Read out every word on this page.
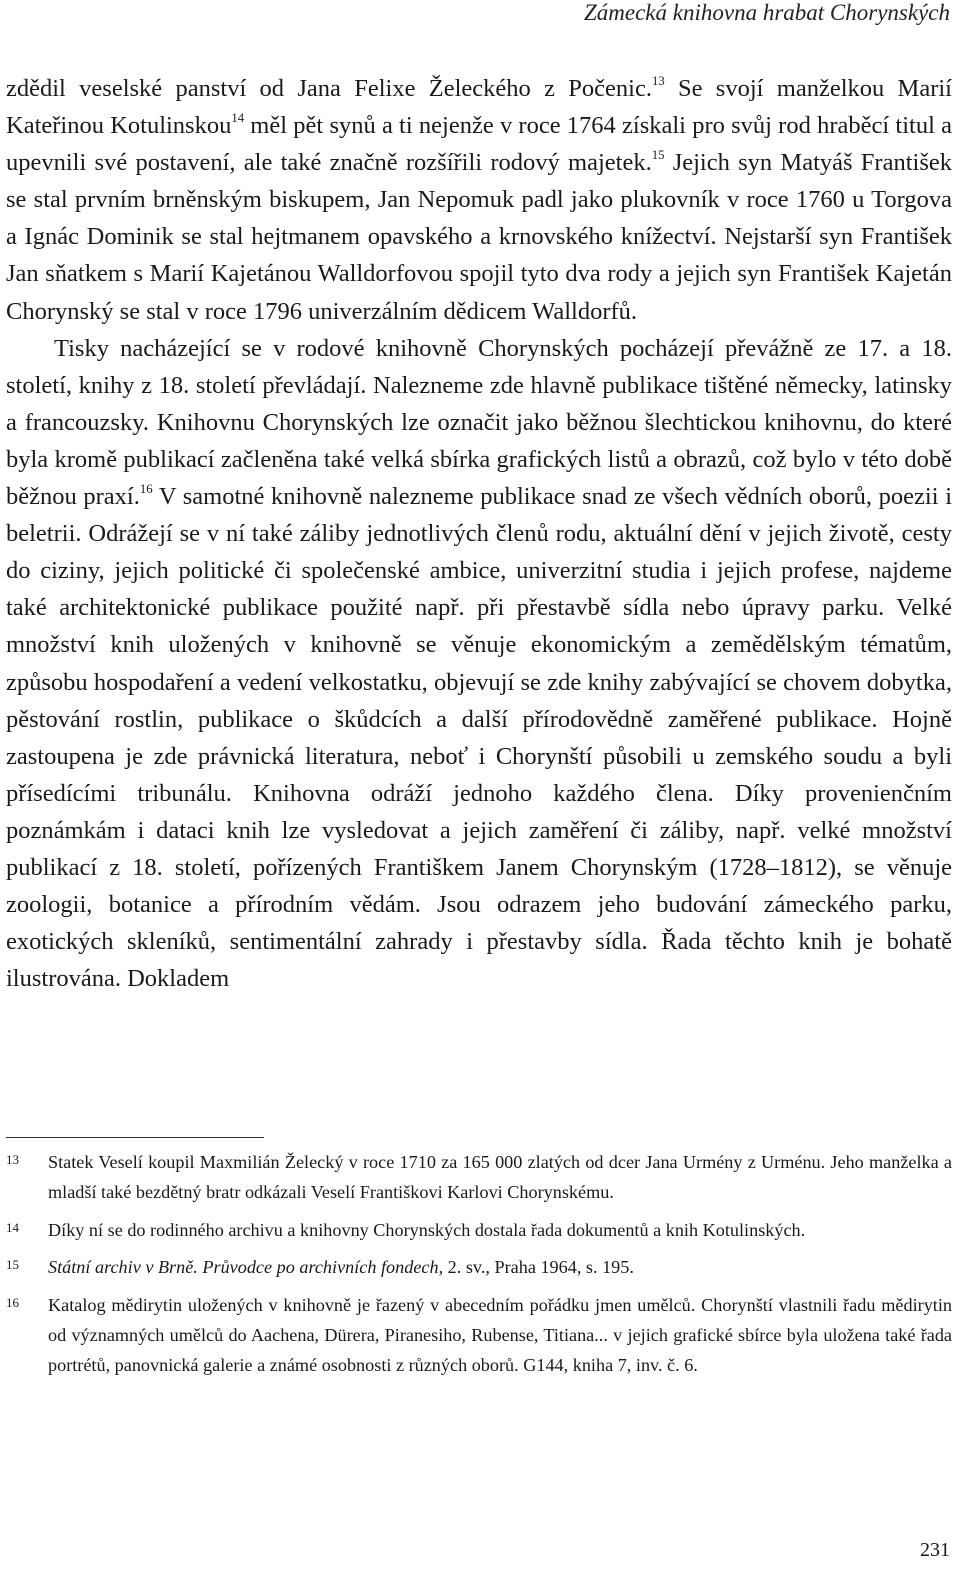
Zámecká knihovna hrabat Chorynských

zdědil veselské panství od Jana Felixe Želeckého z Počenic.$^{13}$ Se svojí manželkou Marií Kateřinou Kotulinskou$^{14}$ měl pět synů a ti nejenže v roce 1764 získali pro svůj rod hraběcí titul a upevnili své postavení, ale také značně rozšířili rodový majetek.$^{15}$ Jejich syn Matyáš František se stal prvním brněnským biskupem, Jan Nepomuk padl jako plukovník v roce 1760 u Torgova a Ignác Dominik se stal hejtmanem opavského a krnovského knížectví. Nejstarší syn František Jan sňatkem s Marií Kajetánou Walldorfovou spojil tyto dva rody a jejich syn František Kajetán Chorynský se stal v roce 1796 univerzálním dědicem Walldorfů.

Tisky nacházející se v rodové knihovně Chorynských pocházejí převážně ze 17. a 18. století, knihy z 18. století převládají. Nalezneme zde hlavně publikace tištěné německy, latinsky a francouzsky. Knihovnu Chorynských lze označit jako běžnou šlechtickou knihovnu, do které byla kromě publikací začleněna také velká sbírka grafických listů a obrazů, což bylo v této době běžnou praxí.$^{16}$ V samotné knihovně nalezneme publikace snad ze všech vědních oborů, poezii i beletrii. Odrážejí se v ní také záliby jednotlivých členů rodu, aktuální dění v jejich životě, cesty do ciziny, jejich politické či společenské ambice, univerzitní studia i jejich profese, najdeme také architektonické publikace použité např. při přestavbě sídla nebo úpravy parku. Velké množství knih uložených v knihovně se věnuje ekonomickým a zemědělským tématům, způsobu hospodaření a vedení velkostatku, objevují se zde knihy zabývající se chovem dobytka, pěstování rostlin, publikace o škůdcích a další přírodovědně zaměřené publikace. Hojně zastoupena je zde právnická literatura, neboť i Chorynští působili u zemského soudu a byli přísedícími tribunálu. Knihovna odráží jednoho každého člena. Díky provenienčním poznámkám i dataci knih lze vysledovat a jejich zaměření či záliby, např. velké množství publikací z 18. století, pořízených Františkem Janem Chorynským (1728–1812), se věnuje zoologii, botanice a přírodním vědám. Jsou odrazem jeho budování zámeckého parku, exotických skleníků, sentimentální zahrady i přestavby sídla. Řada těchto knih je bohatě ilustrována. Dokladem

13 Statek Veselí koupil Maxmilián Želecký v roce 1710 za 165 000 zlatých od dcer Jana Urmény z Urménu. Jeho manželka a mladší také bezdětný bratr odkázali Veselí Františkovi Karlovi Chorynskému.
14 Díky ní se do rodinného archivu a knihovny Chorynských dostala řada dokumentů a knih Kotulinských.
15 Státní archiv v Brně. Průvodce po archivních fondech, 2. sv., Praha 1964, s. 195.
16 Katalog mědirytin uložených v knihovně je řazený v abecedním pořádku jmen umělců. Chorynští vlastnili řadu mědirytin od významných umělců do Aachena, Dürera, Piranesiho, Rubense, Titiana... v jejich grafické sbírce byla uložena také řada portrétů, panovnická galerie a známé osobnosti z různých oborů. G144, kniha 7, inv. č. 6.
231
